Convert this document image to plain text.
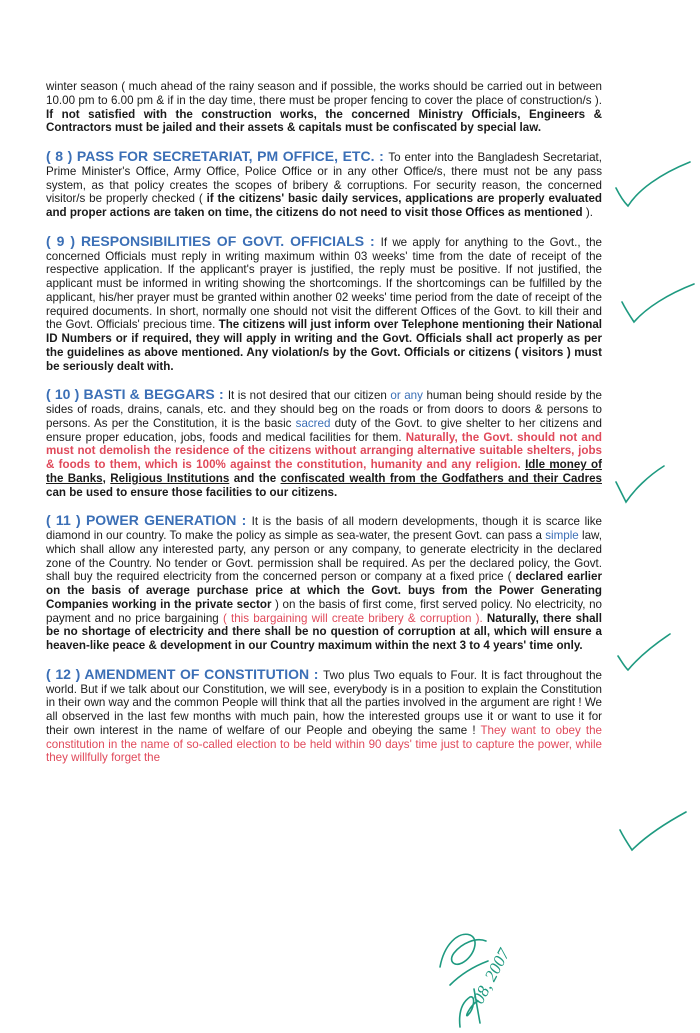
winter season ( much ahead of the rainy season and if possible, the works should be carried out in between 10.00 pm to 6.00 pm & if in the day time, there must be proper fencing to cover the place of construction/s ). If not satisfied with the construction works, the concerned Ministry Officials, Engineers & Contractors must be jailed and their assets & capitals must be confiscated by special law.

( 8 ) PASS FOR SECRETARIAT, PM OFFICE, ETC. : To enter into the Bangladesh Secretariat, Prime Minister's Office, Army Office, Police Office or in any other Office/s, there must not be any pass system, as that policy creates the scopes of bribery & corruptions. For security reason, the concerned visitor/s be properly checked ( if the citizens' basic daily services, applications are properly evaluated and proper actions are taken on time, the citizens do not need to visit those Offices as mentioned ).

( 9 ) RESPONSIBILITIES OF GOVT. OFFICIALS : If we apply for anything to the Govt., the concerned Officials must reply in writing maximum within 03 weeks' time from the date of receipt of the respective application. If the applicant's prayer is justified, the reply must be positive. If not justified, the applicant must be informed in writing showing the shortcomings. If the shortcomings can be fulfilled by the applicant, his/her prayer must be granted within another 02 weeks' time period from the date of receipt of the required documents. In short, normally one should not visit the different Offices of the Govt. to kill their and the Govt. Officials' precious time. The citizens will just inform over Telephone mentioning their National ID Numbers or if required, they will apply in writing and the Govt. Officials shall act properly as per the guidelines as above mentioned. Any violation/s by the Govt. Officials or citizens ( visitors ) must be seriously dealt with.

( 10 ) BASTI & BEGGARS : It is not desired that our citizen or any human being should reside by the sides of roads, drains, canals, etc. and they should beg on the roads or from doors to doors & persons to persons. As per the Constitution, it is the basic sacred duty of the Govt. to give shelter to her citizens and ensure proper education, jobs, foods and medical facilities for them. Naturally, the Govt. should not and must not demolish the residence of the citizens without arranging alternative suitable shelters, jobs & foods to them, which is 100% against the constitution, humanity and any religion. Idle money of the Banks, Religious Institutions and the confiscated wealth from the Godfathers and their Cadres can be used to ensure those facilities to our citizens.

( 11 ) POWER GENERATION : It is the basis of all modern developments, though it is scarce like diamond in our country. To make the policy as simple as sea-water, the present Govt. can pass a simple law, which shall allow any interested party, any person or any company, to generate electricity in the declared zone of the Country. No tender or Govt. permission shall be required. As per the declared policy, the Govt. shall buy the required electricity from the concerned person or company at a fixed price ( declared earlier on the basis of average purchase price at which the Govt. buys from the Power Generating Companies working in the private sector ) on the basis of first come, first served policy. No electricity, no payment and no price bargaining ( this bargaining will create bribery & corruption ). Naturally, there shall be no shortage of electricity and there shall be no question of corruption at all, which will ensure a heaven-like peace & development in our Country maximum within the next 3 to 4 years' time only.

( 12 ) AMENDMENT OF CONSTITUTION : Two plus Two equals to Four. It is fact throughout the world. But if we talk about our Constitution, we will see, everybody is in a position to explain the Constitution in their own way and the common People will think that all the parties involved in the argument are right ! We all observed in the last few months with much pain, how the interested groups use it or want to use it for their own interest in the name of welfare of our People and obeying the same ! They want to obey the constitution in the name of so-called election to be held within 90 days' time just to capture the power, while they willfully forget the

08, 2007
